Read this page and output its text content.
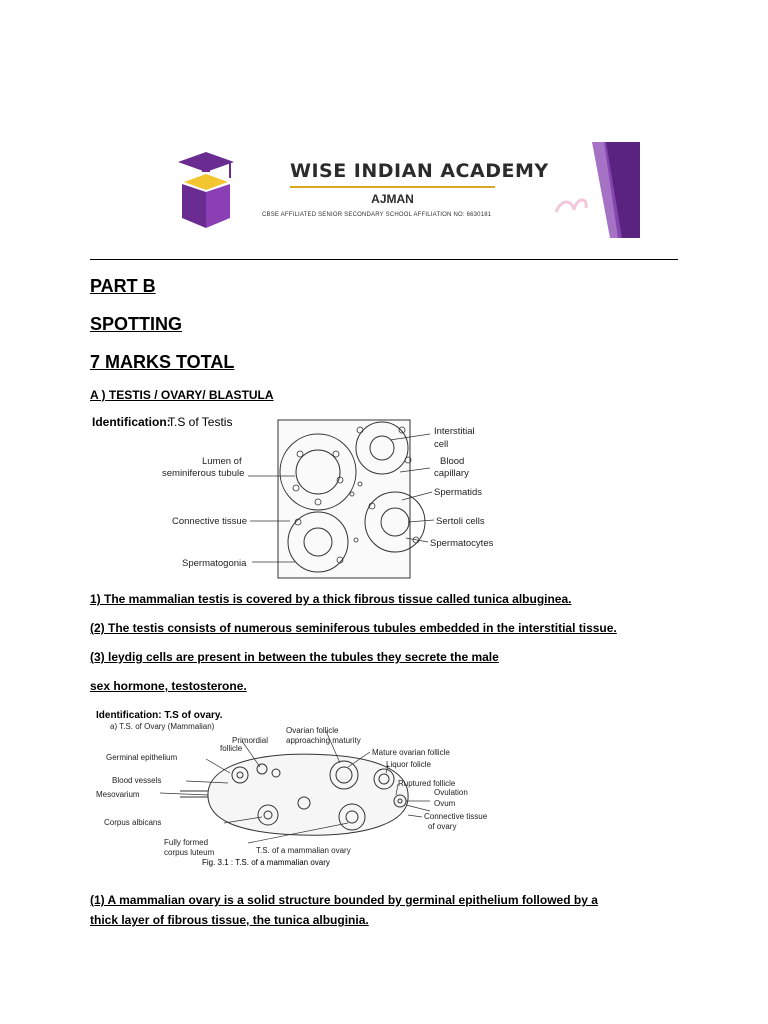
WISE INDIAN ACADEMY
AJMAN
CBSE AFFILIATED SENIOR SECONDARY SCHOOL AFFILIATION NO: 6630181
PART B
SPOTTING
7 MARKS TOTAL
A ) TESTIS / OVARY/ BLASTULA
Identification:
T.S of Testis
Lumen of
seminiferous tubule
Connective tissue
Spermatogonia
Interstitial
cell
Blood
capillary
Spermatids
Sertoli cells
Spermatocytes
1) The mammalian testis is covered by a thick fibrous tissue called tunica albuginea.
(2) The testis consists of numerous seminiferous tubules embedded in the interstitial tissue.
(3) leydig cells are present in between the tubules they secrete the male
sex hormone, testosterone.
Identification: T.S of ovary.
a) T.S. of Ovary (Mammalian)	Ovarian follicle
Primordial approaching maturity
follicle
Germinal epithelium
Mature ovarian follicle
Liquor folicle
Blood vessels
Mesovarium
Ruptured follicle
Ovulation
Ovum
Corpus albicans
Connective tissue
of ovary
Fully formed
corpus luteum	T.S. of a mammalian ovary
Fig. 3.1 : T.S. of a mammalian ovary
(1) A mammalian ovary is a solid structure bounded by germinal epithelium followed by a
thick layer of fibrous tissue, the tunica albuginia.
